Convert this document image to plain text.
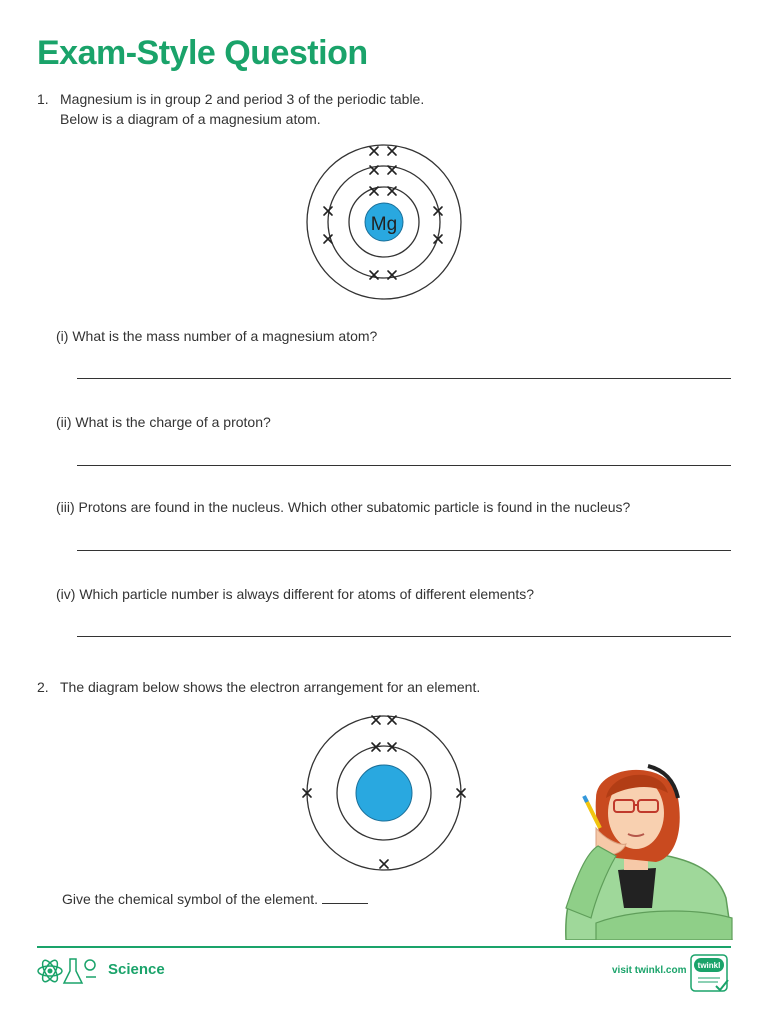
Exam-Style Question
1. Magnesium is in group 2 and period 3 of the periodic table.
Below is a diagram of a magnesium atom.
Mg
(i) What is the mass number of a magnesium atom?
(ii) What is the charge of a proton?
(iii) Protons are found in the nucleus. Which other subatomic particle is found in the nucleus?
(iv) Which particle number is always different for atoms of different elements?
2. The diagram below shows the electron arrangement for an element.
Give the chemical symbol of the element.
Science	visit twinkl.com twinkl
